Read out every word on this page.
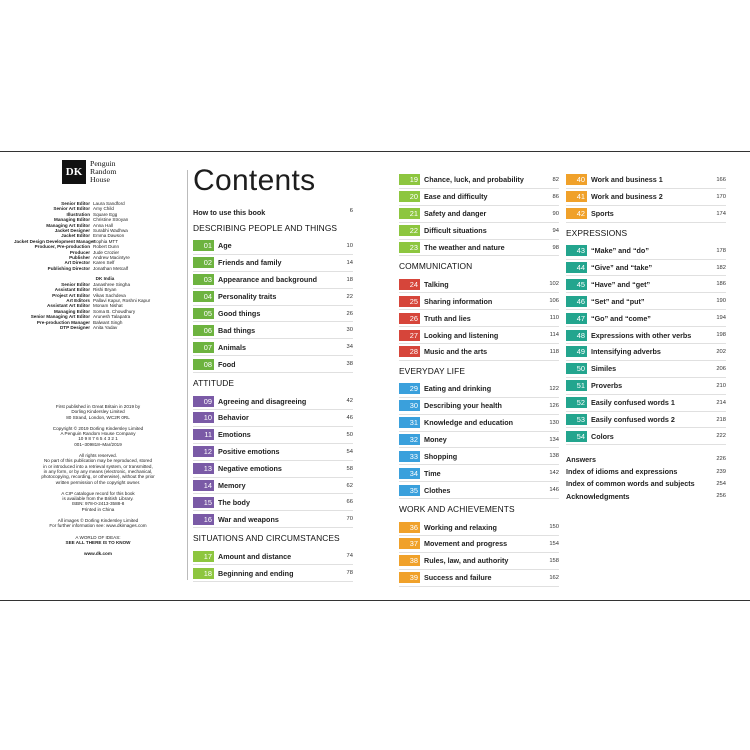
DK
Penguin
Random
House
Senior Editor Laura Sandford
Senior Art Editor Amy Child
Illustration Square Egg
Managing Editor Christine Stroyan
Managing Art Editor Anna Hall
Jacket Designer Surabhi Wadhwa
Jacket Editor Emma Dawson
Jacket Design Development Manager
Sophia MTT
Producer, Pre-production Robert Dunn
Producer Jude Crozier
Publisher Andrew Macintyre
Art Director Karen Self
Publishing Director Jonathan Metcalf
DK India
Senior Editor Janashree Singha
Assistant Editor Rishi Bryan
Project Art Editor Vikas Sachdeva
Art Editors Pallavi Kapur, Roshni Kapur
Assistant Art Editor Monam Nishat
Managing Editor Soma B. Chowdhury
Senior Managing Art Editor Arunesh Talapatra
Pre-production Manager Balwant Singh
DTP Designer Anita Yadav

First published in Great Britain in 2019 by

Dorling Kindersley Limited

80 Strand, London, WC2R 0RL

Copyright © 2019 Dorling Kindersley Limited

A Penguin Random House Company

10 9 8 7 6 5 4 3 2 1

001–309818–Mar/2019

All rights reserved.

No part of this publication may be reproduced, stored

in or introduced into a retrieval system, or transmitted,

in any form, or by any means (electronic, mechanical,

photocopying, recording, or otherwise), without the prior

written permission of the copyright owner.

A CIP catalogue record for this book

is available from the British Library.

ISBN: 978-0-2413-3588-8

Printed in China

All images © Dorling Kindersley Limited

For further information see: www.dkimages.com

A WORLD OF IDEAS:

SEE ALL THERE IS TO KNOW

www.dk.com

Contents
How to use this book	6
DESCRIBING PEOPLE AND THINGS
01 Age	10
02 Friends and family	14
03 Appearance and background	18
04 Personality traits	22
05 Good things	26
06 Bad things	30
07 Animals	34
08 Food	38
ATTITUDE
09 Agreeing and disagreeing	42
10 Behavior	46
11 Emotions	50
12 Positive emotions	54
13 Negative emotions	58
14 Memory	62
15 The body	66
16 War and weapons	70
SITUATIONS AND CIRCUMSTANCES
17 Amount and distance	74
18 Beginning and ending	78
19 Chance, luck, and probability	82
20 Ease and difficulty	86
21 Safety and danger	90
22 Difficult situations	94
23 The weather and nature	98
COMMUNICATION
24 Talking	102
25 Sharing information	106
26 Truth and lies	110
27 Looking and listening	114
28 Music and the arts	118
EVERYDAY LIFE
29 Eating and drinking	122
30 Describing your health	126
31 Knowledge and education	130
32 Money	134
33 Shopping	138
34 Time	142
35 Clothes	146
WORK AND ACHIEVEMENTS
36 Working and relaxing	150
37 Movement and progress	154
38 Rules, law, and authority	158
39 Success and failure	162
40 Work and business 1	166
41 Work and business 2	170
42 Sports	174
EXPRESSIONS
43 “Make” and “do”	178
44 “Give” and “take”	182
45 “Have” and “get”	186
46 “Set” and “put”	190
47 “Go” and “come”	194
48 Expressions with other verbs	198
49 Intensifying adverbs	202
50 Similes	206
51 Proverbs	210
52 Easily confused words 1	214
53 Easily confused words 2	218
54 Colors	222
Answers	226
Index of idioms and expressions	239
Index of common words and subjects	254
Acknowledgments	256
